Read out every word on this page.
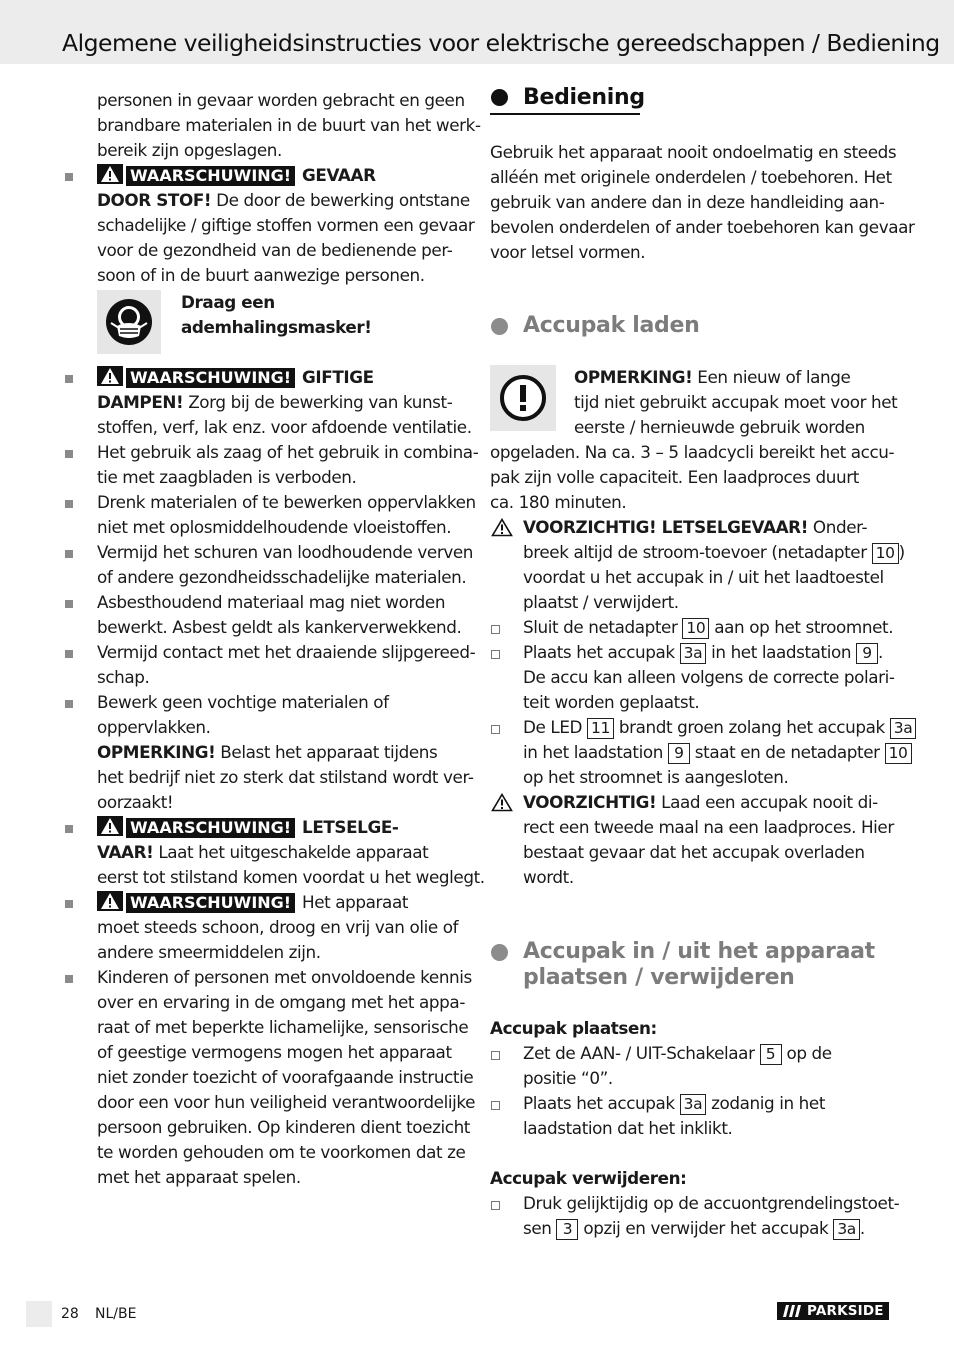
Algemene veiligheidsinstructies voor elektrische gereedschappen / Bediening
personen in gevaar worden gebracht en geen
brandbare materialen in de buurt van het werk-
bereik zijn opgeslagen.
WAARSCHUWING! GEVAAR
DOOR STOF! De door de bewerking ontstane
schadelijke / giftige stoffen vormen een gevaar
voor de gezondheid van de bedienende per-
soon of in de buurt aanwezige personen.
Draag een
ademhalingsmasker!
WAARSCHUWING! GIFTIGE
DAMPEN! Zorg bij de bewerking van kunst-
stoffen, verf, lak enz. voor afdoende ventilatie.
Het gebruik als zaag of het gebruik in combina-
tie met zaagbladen is verboden.
Drenk materialen of te bewerken oppervlakken
niet met oplosmiddelhoudende vloeistoffen.
Vermijd het schuren van loodhoudende verven
of andere gezondheidsschadelijke materialen.
Asbesthoudend materiaal mag niet worden
bewerkt. Asbest geldt als kankerverwekkend.
Vermijd contact met het draaiende slijpgereed-
schap.
Bewerk geen vochtige materialen of
oppervlakken.
OPMERKING! Belast het apparaat tijdens
het bedrijf niet zo sterk dat stilstand wordt ver-
oorzaakt!
WAARSCHUWING! LETSELGE-
VAAR! Laat het uitgeschakelde apparaat
eerst tot stilstand komen voordat u het weglegt.
WAARSCHUWING! Het apparaat
moet steeds schoon, droog en vrij van olie of
andere smeermiddelen zijn.
Kinderen of personen met onvoldoende kennis
over en ervaring in de omgang met het appa-
raat of met beperkte lichamelijke, sensorische
of geestige vermogens mogen het apparaat
niet zonder toezicht of voorafgaande instructie
door een voor hun veiligheid verantwoordelijke
persoon gebruiken. Op kinderen dient toezicht
te worden gehouden om te voorkomen dat ze
met het apparaat spelen.
Bediening
Gebruik het apparaat nooit ondoelmatig en steeds
alléén met originele onderdelen / toebehoren. Het
gebruik van andere dan in deze handleiding aan-
bevolen onderdelen of ander toebehoren kan gevaar
voor letsel vormen.
Accupak laden
OPMERKING! Een nieuw of lange
tijd niet gebruikt accupak moet voor het
eerste / hernieuwde gebruik worden
opgeladen. Na ca. 3 – 5 laadcycli bereikt het accu-
pak zijn volle capaciteit. Een laadproces duurt
ca. 180 minuten.
VOORZICHTIG! LETSELGEVAAR! Onder-
breek altijd de stroom-toevoer (netadapter 10 )
voordat u het accupak in / uit het laadtoestel
plaatst / verwijdert.
Sluit de netadapter 10 aan op het stroomnet.
Plaats het accupak 3a in het laadstation 9 .
De accu kan alleen volgens de correcte polari-
teit worden geplaatst.
De LED 11 brandt groen zolang het accupak 3a
in het laadstation 9 staat en de netadapter 10
op het stroomnet is aangesloten.
VOORZICHTIG! Laad een accupak nooit di-
rect een tweede maal na een laadproces. Hier
bestaat gevaar dat het accupak overladen
wordt.
Accupak in / uit het apparaat
plaatsen / verwijderen
Accupak plaatsen:
Zet de AAN- / UIT-Schakelaar 5 op de
positie “0”.
Plaats het accupak 3a zodanig in het
laadstation dat het inklikt.
Accupak verwijderen:
Druk gelijktijdig op de accuontgrendelingstoet-
sen 3 opzij en verwijder het accupak 3a .
28 NL/BE	PARKSIDE
